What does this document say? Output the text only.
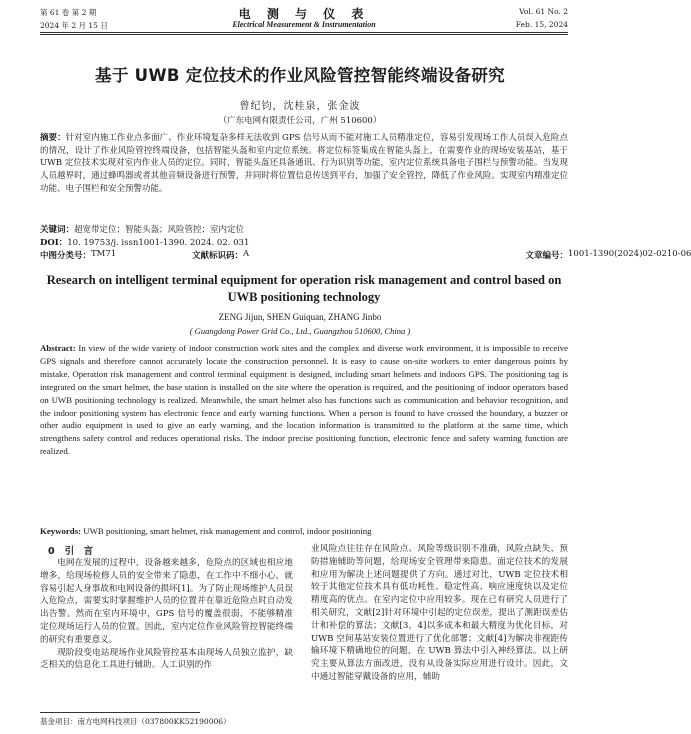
第 61 卷 第 2 期	电 测 与 仪 表	Vol. 61 No. 2
2024 年 2 月 15 日	Electrical Measurement & Instrumentation	Feb. 15, 2024
基于 UWB 定位技术的作业风险管控智能终端设备研究
曾纪钧，沈桂泉，张金波
（广东电网有限责任公司，广州 510600）
摘要：针对室内施工作业点多面广、作业环境复杂多样无法收到 GPS 信号从而不能对施工人员精准定位，容易引发现场工作人员误入危险点的情况，设计了作业风险管控终端设备，包括智能头盔和室内定位系统。将定位标签集成在智能头盔上，在需要作业的现场安装基站，基于 UWB 定位技术实现对室内作业人员的定位。同时，智能头盔还具备通讯、行为识别等功能，室内定位系统具备电子围栏与预警功能。当发现人员越界时，通过蜂鸣器或者其他音频设备进行预警，并同时将位置信息传送到平台，加强了安全管控，降低了作业风险。实现室内精准定位功能、电子围栏和安全预警功能。
关键词：超宽带定位；智能头盔；风险管控；室内定位
DOI：10. 19753/j. issn1001-1390. 2024. 02. 031
中图分类号： TM71	文献标识码： A	文章编号： 1001-1390(2024)02-0210-06
Research on intelligent terminal equipment for operation risk management and control based on UWB positioning technology
ZENG Jijun, SHEN Guiquan, ZHANG Jinbo
( Guangdong Power Grid Co., Ltd., Guangzhou 510600, China )
Abstract: In view of the wide variety of indoor construction work sites and the complex and diverse work environment, it is impossible to receive GPS signals and therefore cannot accurately locate the construction personnel. It is easy to cause on-site workers to enter dangerous points by mistake. Operation risk management and control terminal equipment is designed, including smart helmets and indoors GPS. The positioning tag is integrated on the smart helmet, the base station is installed on the site where the operation is required, and the positioning of indoor operators based on UWB positioning technology is realized. Meanwhile, the smart helmet also has functions such as communication and behavior recognition, and the indoor positioning system has electronic fence and early warning functions. When a person is found to have crossed the boundary, a buzzer or other audio equipment is used to give an early warning, and the location information is transmitted to the platform at the same time, which strengthens safety control and reduces operational risks. The indoor precise positioning function, electronic fence and safety warning function are realized.
Keywords: UWB positioning, smart helmet, risk management and control, indoor positioning
0 引　言

电网在发展的过程中，设备越来越多，危险点的区域也相应地增多，给现场检修人员的安全带来了隐患，在工作中不细小心，就容易引起人身事故和电网设备的损坏[1]。为了防止现场维护人员误入危险点，需要实时掌握维护人员的位置并在靠近危险点时自动发出告警。然而在室内环境中，GPS 信号的覆盖很弱，不能够精准定位现场运行人员的位置。因此，室内定位作业风险管控智能终端的研究有重要意义。

现阶段变电站现场作业风险管控基本由现场人员独立监护，缺乏相关的信息化工具进行辅助。人工识别的作

业风险点往往存在风险点、风险等级识别不准确，风险点缺失、预防措施辅助等问题，给现场安全管理带来隐患。面定位技术的发展和应用为解决上述问题提供了方向。通过对比，UWB 定位技术相较于其他定位技术具有低功耗性、稳定性高、响应速度快以及定位精度高的优点。在室内定位中应用较多。现在已有研究人员进行了相关研究，文献[2]针对环境中引起的定位误差，提出了测距误差估计和补偿的算法；文献[3，4]以多成本和最大精度为优化目标，对 UWB 空间基站安装位置进行了优化部署；文献[4]为解决非视距传输环境下精确地位的问题，在 UWB 算法中引入神经算法。以上研究主要从算法方面改进，没有从设备实际应用进行设计。因此，文中通过智能穿戴设备的应用，辅助

基金项目：南方电网科技项目（037800KK52190006）
